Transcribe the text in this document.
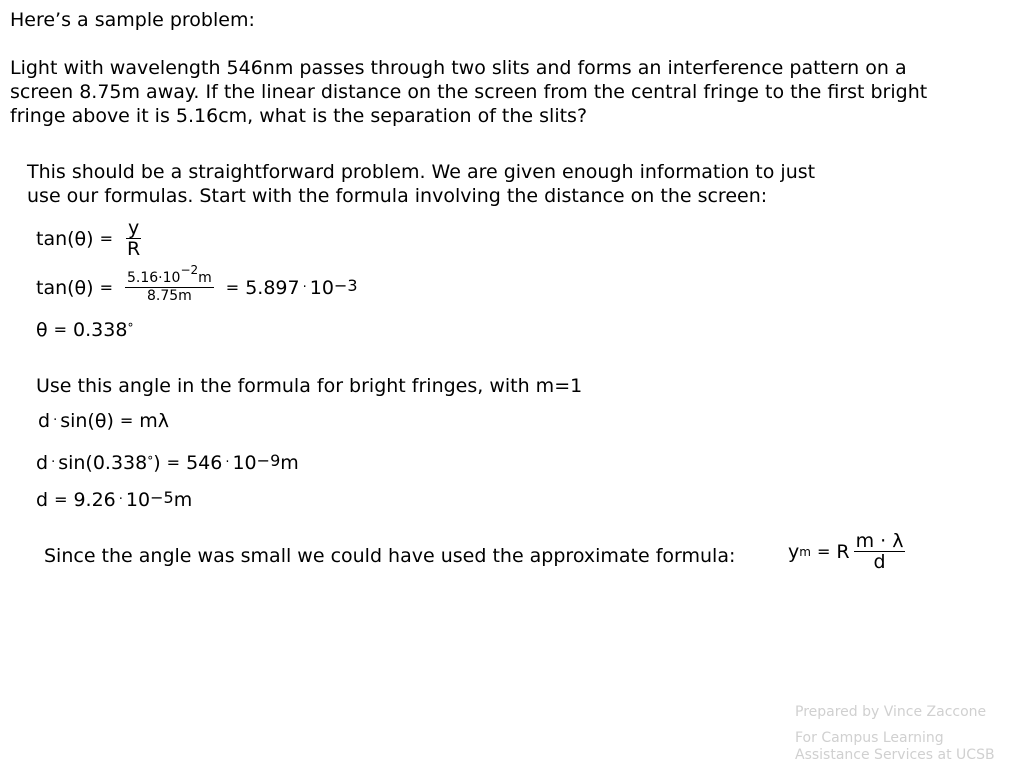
Here’s a sample problem:
Light with wavelength 546nm passes through two slits and forms an interference pattern on a
screen 8.75m away. If the linear distance on the screen from the central fringe to the first bright
fringe above it is 5.16cm, what is the separation of the slits?
This should be a straightforward problem. We are given enough information to just
use our formulas. Start with the formula involving the distance on the screen:
$\tan(\theta) = \frac{y}{R}$
$\tan(\theta) = \frac{5.16\cdot 10^{-2}m}{8.75m} = 5.897 \cdot 10^{-3}$
θ = 0.338°
Use this angle in the formula for bright fringes, with m=1
d · sin(θ) = mλ
d · sin(0.338° ) = $546 \cdot 10^{-9}$ m
$d = 9.26 \cdot 10^{-5}$ m
Since the angle was small we could have used the approximate formula:	y m = R $\frac{m \cdot \lambda}{d}$
Prepared by Vince Zaccone
For Campus Learning
Assistance Services at UCSB
